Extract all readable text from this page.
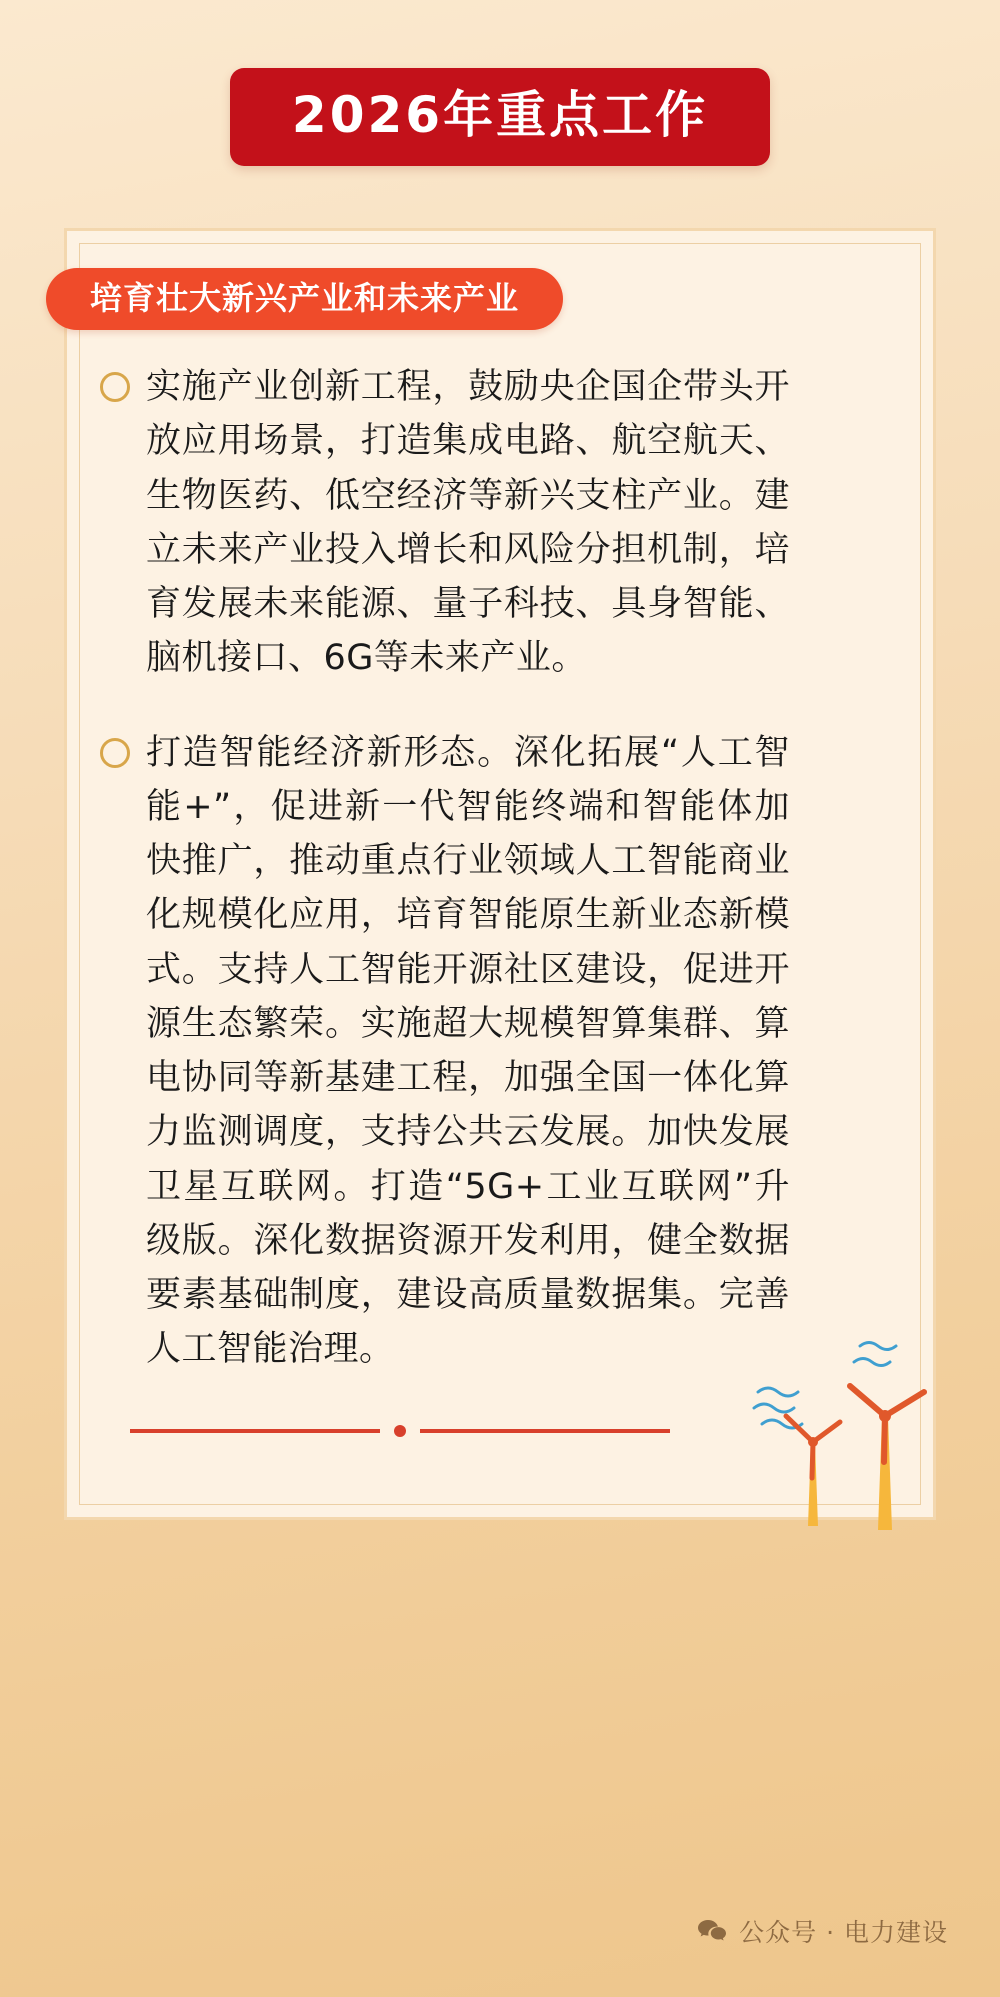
2026年重点工作
培育壮大新兴产业和未来产业
实施产业创新工程，鼓励央企国企带头开放应用场景，打造集成电路、航空航天、生物医药、低空经济等新兴支柱产业。建立未来产业投入增长和风险分担机制，培育发展未来能源、量子科技、具身智能、脑机接口、6G等未来产业。
打造智能经济新形态。深化拓展“人工智能+”，促进新一代智能终端和智能体加快推广，推动重点行业领域人工智能商业化规模化应用，培育智能原生新业态新模式。支持人工智能开源社区建设，促进开源生态繁荣。实施超大规模智算集群、算电协同等新基建工程，加强全国一体化算力监测调度，支持公共云发展。加快发展卫星互联网。打造“5G+工业互联网”升级版。深化数据资源开发利用，健全数据要素基础制度，建设高质量数据集。完善人工智能治理。
公众号 · 电力建设
